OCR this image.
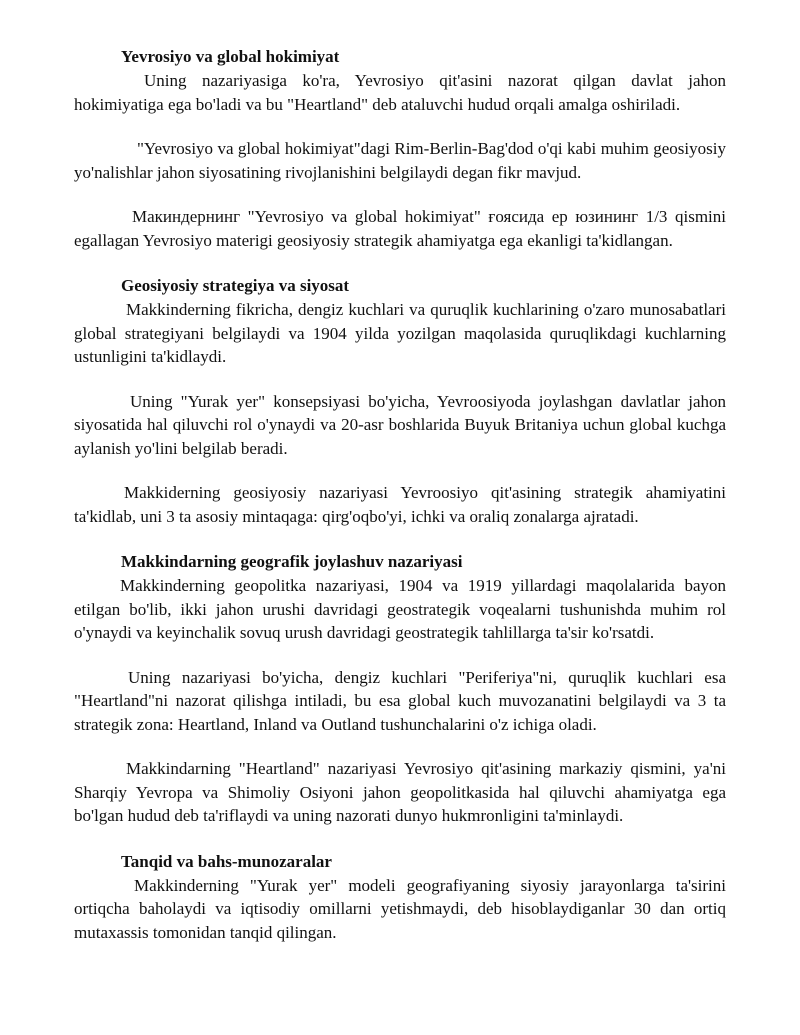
Yevrosiyo va global hokimiyat

Uning nazariyasiga ko'ra, Yevrosiyo qit'asini nazorat qilgan davlat jahon hokimiyatiga ega bo'ladi va bu "Heartland" deb ataluvchi hudud orqali amalga oshiriladi.

"Yevrosiyo va global hokimiyat"dagi Rim-Berlin-Bag'dod o'qi kabi muhim geosiyosiy yo'nalishlar jahon siyosatining rivojlanishini belgilaydi degan fikr mavjud.

Макиндернинг "Yevrosiyo va global hokimiyat" ғоясида ер юзининг 1/3 qismini egallagan Yevrosiyo materigi geosiyosiy strategik ahamiyatga ega ekanligi ta'kidlangan.

Geosiyosiy strategiya va siyosat

Makkinderning fikricha, dengiz kuchlari va quruqlik kuchlarining o'zaro munosabatlari global strategiyani belgilaydi va 1904 yilda yozilgan maqolasida quruqlikdagi kuchlarning ustunligini ta'kidlaydi.

Uning "Yurak yer" konsepsiyasi bo'yicha, Yevroosiyoda joylashgan davlatlar jahon siyosatida hal qiluvchi rol o'ynaydi va 20-asr boshlarida Buyuk Britaniya uchun global kuchga aylanish yo'lini belgilab beradi.

Makkiderning geosiyosiy nazariyasi Yevroosiyo qit'asining strategik ahamiyatini ta'kidlab, uni 3 ta asosiy mintaqaga: qirg'oqbo'yi, ichki va oraliq zonalarga ajratadi.

Makkindarning geografik joylashuv nazariyasi

Makkinderning geopolitka nazariyasi, 1904 va 1919 yillardagi maqolalarida bayon etilgan bo'lib, ikki jahon urushi davridagi geostrategik voqealarni tushunishda muhim rol o'ynaydi va keyinchalik sovuq urush davridagi geostrategik tahlillarga ta'sir ko'rsatdi.

Uning nazariyasi bo'yicha, dengiz kuchlari "Periferiya"ni, quruqlik kuchlari esa "Heartland"ni nazorat qilishga intiladi, bu esa global kuch muvozanatini belgilaydi va 3 ta strategik zona: Heartland, Inland va Outland tushunchalarini o'z ichiga oladi.

Makkindarning "Heartland" nazariyasi Yevrosiyo qit'asining markaziy qismini, ya'ni Sharqiy Yevropa va Shimoliy Osiyoni jahon geopolitkasida hal qiluvchi ahamiyatga ega bo'lgan hudud deb ta'riflaydi va uning nazorati dunyo hukmronligini ta'minlaydi.

Tanqid va bahs-munozaralar

Makkinderning "Yurak yer" modeli geografiyaning siyosiy jarayonlarga ta'sirini ortiqcha baholaydi va iqtisodiy omillarni yetishmaydi, deb hisoblaydiganlar 30 dan ortiq mutaxassis tomonidan tanqid qilingan.
